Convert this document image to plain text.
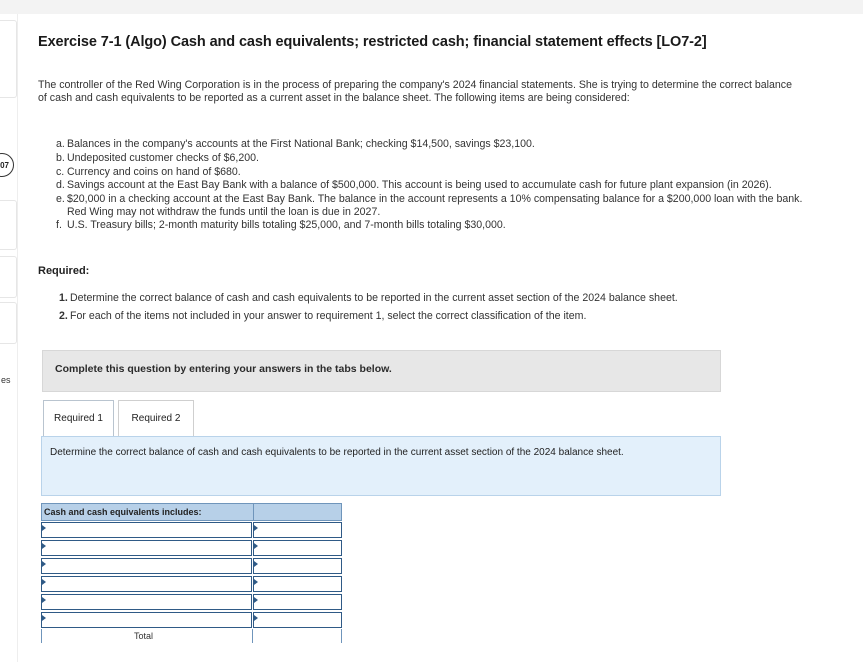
07
es
Exercise 7-1 (Algo) Cash and cash equivalents; restricted cash; financial statement effects [LO7-2]
The controller of the Red Wing Corporation is in the process of preparing the company's 2024 financial statements. She is trying to determine the correct balance of cash and cash equivalents to be reported as a current asset in the balance sheet. The following items are being considered:
a. Balances in the company's accounts at the First National Bank; checking $14,500, savings $23,100.
b. Undeposited customer checks of $6,200.
c. Currency and coins on hand of $680.
d. Savings account at the East Bay Bank with a balance of $500,000. This account is being used to accumulate cash for future plant expansion (in 2026).
e. $20,000 in a checking account at the East Bay Bank. The balance in the account represents a 10% compensating balance for a $200,000 loan with the bank. Red Wing may not withdraw the funds until the loan is due in 2027.
f. U.S. Treasury bills; 2-month maturity bills totaling $25,000, and 7-month bills totaling $30,000.
Required:
1. Determine the correct balance of cash and cash equivalents to be reported in the current asset section of the 2024 balance sheet.
2. For each of the items not included in your answer to requirement 1, select the correct classification of the item.
Complete this question by entering your answers in the tabs below.
Required 1	Required 2
Determine the correct balance of cash and cash equivalents to be reported in the current asset section of the 2024 balance sheet.
Cash and cash equivalents includes:
Total
